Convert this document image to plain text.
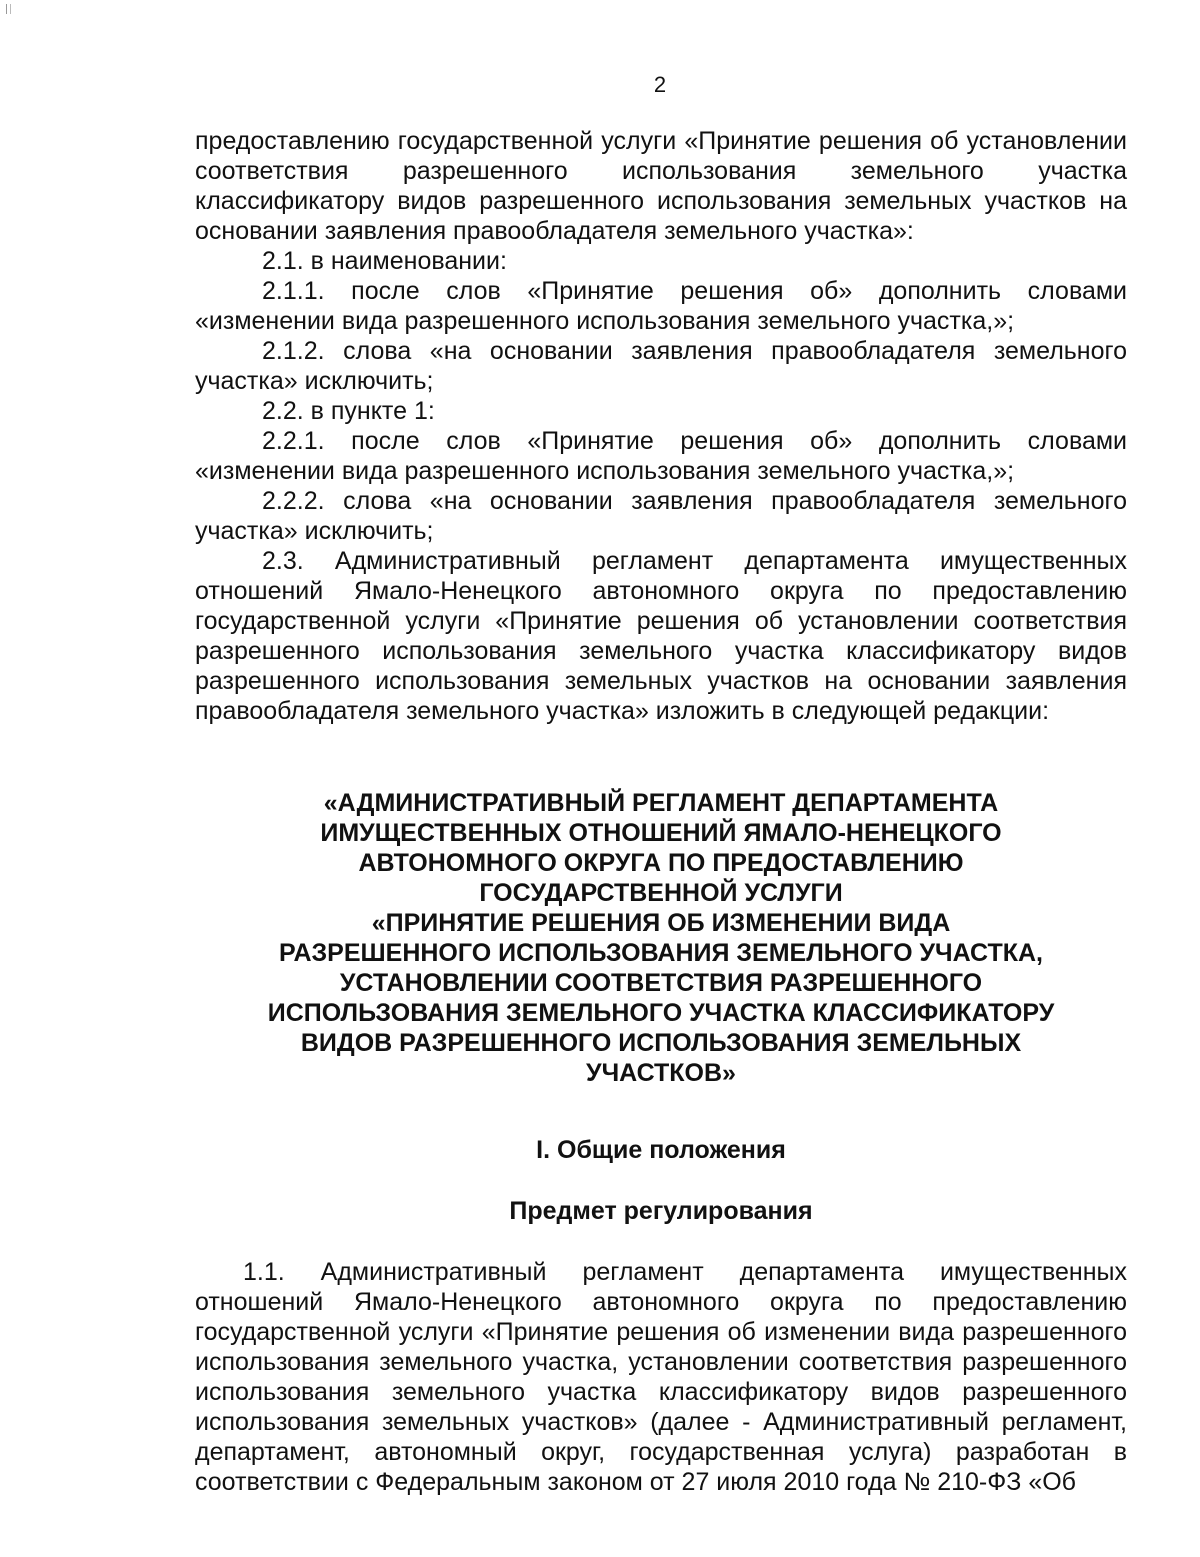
2

предоставлению государственной услуги «Принятие решения об установлении соответствия разрешенного использования земельного участка классификатору видов разрешенного использования земельных участков на основании заявления правообладателя земельного участка»:

2.1. в наименовании:

2.1.1. после слов «Принятие решения об» дополнить словами «изменении вида разрешенного использования земельного участка,»;

2.1.2. слова «на основании заявления правообладателя земельного участка» исключить;

2.2. в пункте 1:

2.2.1. после слов «Принятие решения об» дополнить словами «изменении вида разрешенного использования земельного участка,»;

2.2.2. слова «на основании заявления правообладателя земельного участка» исключить;

2.3. Административный регламент департамента имущественных отношений Ямало-Ненецкого автономного округа по предоставлению государственной услуги «Принятие решения об установлении соответствия разрешенного использования земельного участка классификатору видов разрешенного использования земельных участков на основании заявления правообладателя земельного участка» изложить в следующей редакции:

«АДМИНИСТРАТИВНЫЙ РЕГЛАМЕНТ ДЕПАРТАМЕНТА
ИМУЩЕСТВЕННЫХ ОТНОШЕНИЙ ЯМАЛО-НЕНЕЦКОГО
АВТОНОМНОГО ОКРУГА ПО ПРЕДОСТАВЛЕНИЮ
ГОСУДАРСТВЕННОЙ УСЛУГИ
«ПРИНЯТИЕ РЕШЕНИЯ ОБ ИЗМЕНЕНИИ ВИДА
РАЗРЕШЕННОГО ИСПОЛЬЗОВАНИЯ ЗЕМЕЛЬНОГО УЧАСТКА,
УСТАНОВЛЕНИИ СООТВЕТСТВИЯ РАЗРЕШЕННОГО
ИСПОЛЬЗОВАНИЯ ЗЕМЕЛЬНОГО УЧАСТКА КЛАССИФИКАТОРУ
ВИДОВ РАЗРЕШЕННОГО ИСПОЛЬЗОВАНИЯ ЗЕМЕЛЬНЫХ
УЧАСТКОВ»
I. Общие положения
Предмет регулирования

1.1. Административный регламент департамента имущественных отношений Ямало-Ненецкого автономного округа по предоставлению государственной услуги «Принятие решения об изменении вида разрешенного использования земельного участка, установлении соответствия разрешенного использования земельного участка классификатору видов разрешенного использования земельных участков» (далее - Административный регламент, департамент, автономный округ, государственная услуга) разработан в соответствии с Федеральным законом от 27 июля 2010 года № 210-ФЗ «Об
